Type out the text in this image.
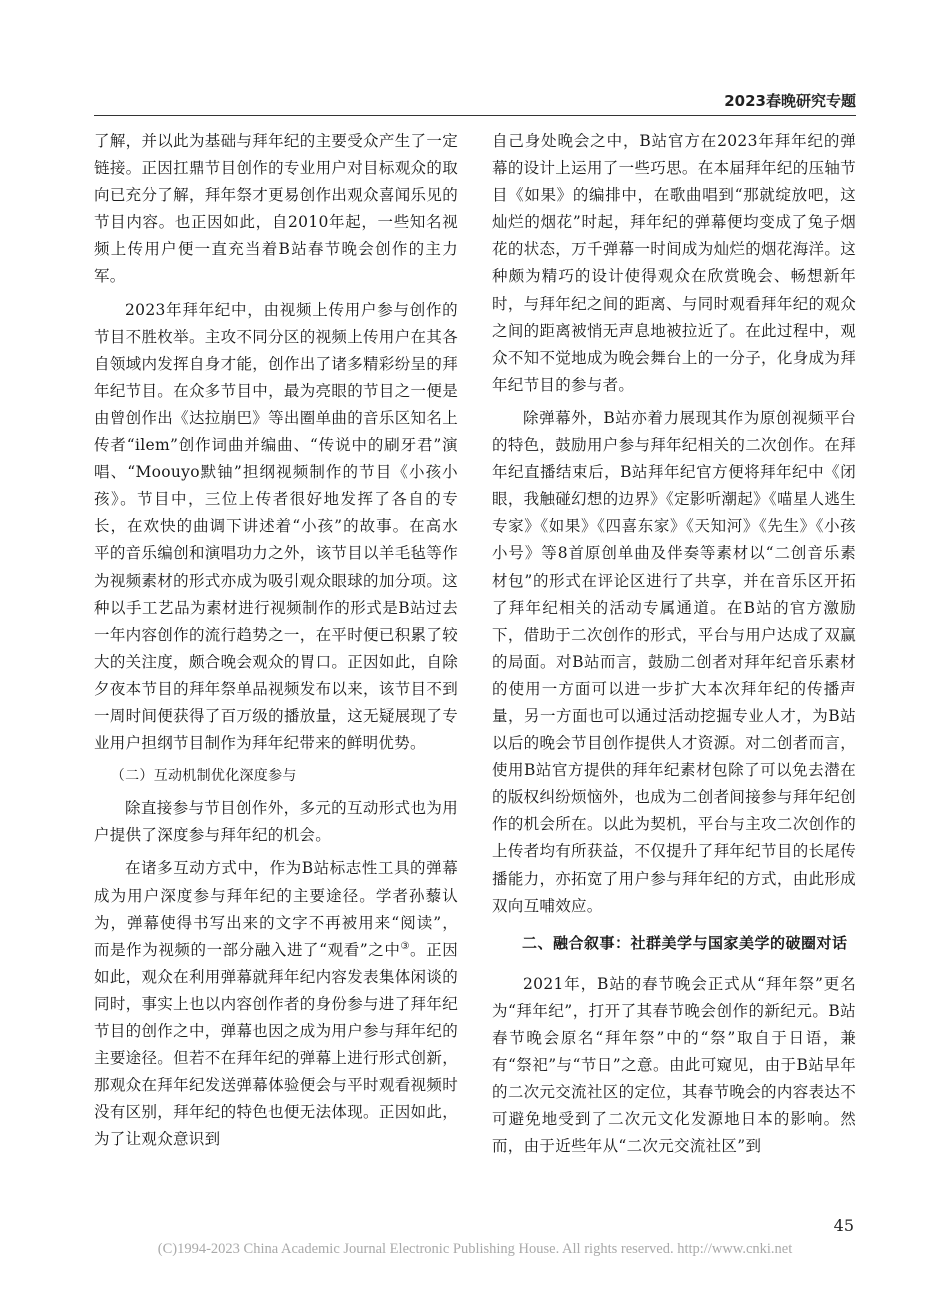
2023春晚研究专题

了解，并以此为基础与拜年纪的主要受众产生了一定链接。正因扛鼎节目创作的专业用户对目标观众的取向已充分了解，拜年祭才更易创作出观众喜闻乐见的节目内容。也正因如此，自2010年起，一些知名视频上传用户便一直充当着B站春节晚会创作的主力军。

2023年拜年纪中，由视频上传用户参与创作的节目不胜枚举。主攻不同分区的视频上传用户在其各自领域内发挥自身才能，创作出了诸多精彩纷呈的拜年纪节目。在众多节目中，最为亮眼的节目之一便是由曾创作出《达拉崩巴》等出圈单曲的音乐区知名上传者“ilem”创作词曲并编曲、“传说中的刷牙君”演唱、“Moouyo默铀”担纲视频制作的节目《小孩小孩》。节目中，三位上传者很好地发挥了各自的专长，在欢快的曲调下讲述着“小孩”的故事。在高水平的音乐编创和演唱功力之外，该节目以羊毛毡等作为视频素材的形式亦成为吸引观众眼球的加分项。这种以手工艺品为素材进行视频制作的形式是B站过去一年内容创作的流行趋势之一，在平时便已积累了较大的关注度，颇合晚会观众的胃口。正因如此，自除夕夜本节目的拜年祭单品视频发布以来，该节目不到一周时间便获得了百万级的播放量，这无疑展现了专业用户担纲节目制作为拜年纪带来的鲜明优势。

（二）互动机制优化深度参与

除直接参与节目创作外，多元的互动形式也为用户提供了深度参与拜年纪的机会。

在诸多互动方式中，作为B站标志性工具的弹幕成为用户深度参与拜年纪的主要途径。学者孙藜认为，弹幕使得书写出来的文字不再被用来“阅读”，而是作为视频的一部分融入进了“观看”之中③。正因如此，观众在利用弹幕就拜年纪内容发表集体闲谈的同时，事实上也以内容创作者的身份参与进了拜年纪节目的创作之中，弹幕也因之成为用户参与拜年纪的主要途径。但若不在拜年纪的弹幕上进行形式创新，那观众在拜年纪发送弹幕体验便会与平时观看视频时没有区别，拜年纪的特色也便无法体现。正因如此，为了让观众意识到

自己身处晚会之中，B站官方在2023年拜年纪的弹幕的设计上运用了一些巧思。在本届拜年纪的压轴节目《如果》的编排中，在歌曲唱到“那就绽放吧，这灿烂的烟花”时起，拜年纪的弹幕便均变成了兔子烟花的状态，万千弹幕一时间成为灿烂的烟花海洋。这种颇为精巧的设计使得观众在欣赏晚会、畅想新年时，与拜年纪之间的距离、与同时观看拜年纪的观众之间的距离被悄无声息地被拉近了。在此过程中，观众不知不觉地成为晚会舞台上的一分子，化身成为拜年纪节目的参与者。

除弹幕外，B站亦着力展现其作为原创视频平台的特色，鼓励用户参与拜年纪相关的二次创作。在拜年纪直播结束后，B站拜年纪官方便将拜年纪中《闭眼，我触碰幻想的边界》《定影听潮起》《喵星人逃生专家》《如果》《四喜东家》《天知河》《先生》《小孩小号》等8首原创单曲及伴奏等素材以“二创音乐素材包”的形式在评论区进行了共享，并在音乐区开拓了拜年纪相关的活动专属通道。在B站的官方激励下，借助于二次创作的形式，平台与用户达成了双赢的局面。对B站而言，鼓励二创者对拜年纪音乐素材的使用一方面可以进一步扩大本次拜年纪的传播声量，另一方面也可以通过活动挖掘专业人才，为B站以后的晚会节目创作提供人才资源。对二创者而言，使用B站官方提供的拜年纪素材包除了可以免去潜在的版权纠纷烦恼外，也成为二创者间接参与拜年纪创作的机会所在。以此为契机，平台与主攻二次创作的上传者均有所获益，不仅提升了拜年纪节目的长尾传播能力，亦拓宽了用户参与拜年纪的方式，由此形成双向互哺效应。

二、融合叙事：社群美学与国家美学的破圈对话

2021年，B站的春节晚会正式从“拜年祭”更名为“拜年纪”，打开了其春节晚会创作的新纪元。B站春节晚会原名“拜年祭”中的“祭”取自于日语，兼有“祭祀”与“节日”之意。由此可窥见，由于B站早年的二次元交流社区的定位，其春节晚会的内容表达不可避免地受到了二次元文化发源地日本的影响。然而，由于近些年从“二次元交流社区”到

45
(C)1994-2023 China Academic Journal Electronic Publishing House. All rights reserved. http://www.cnki.net
